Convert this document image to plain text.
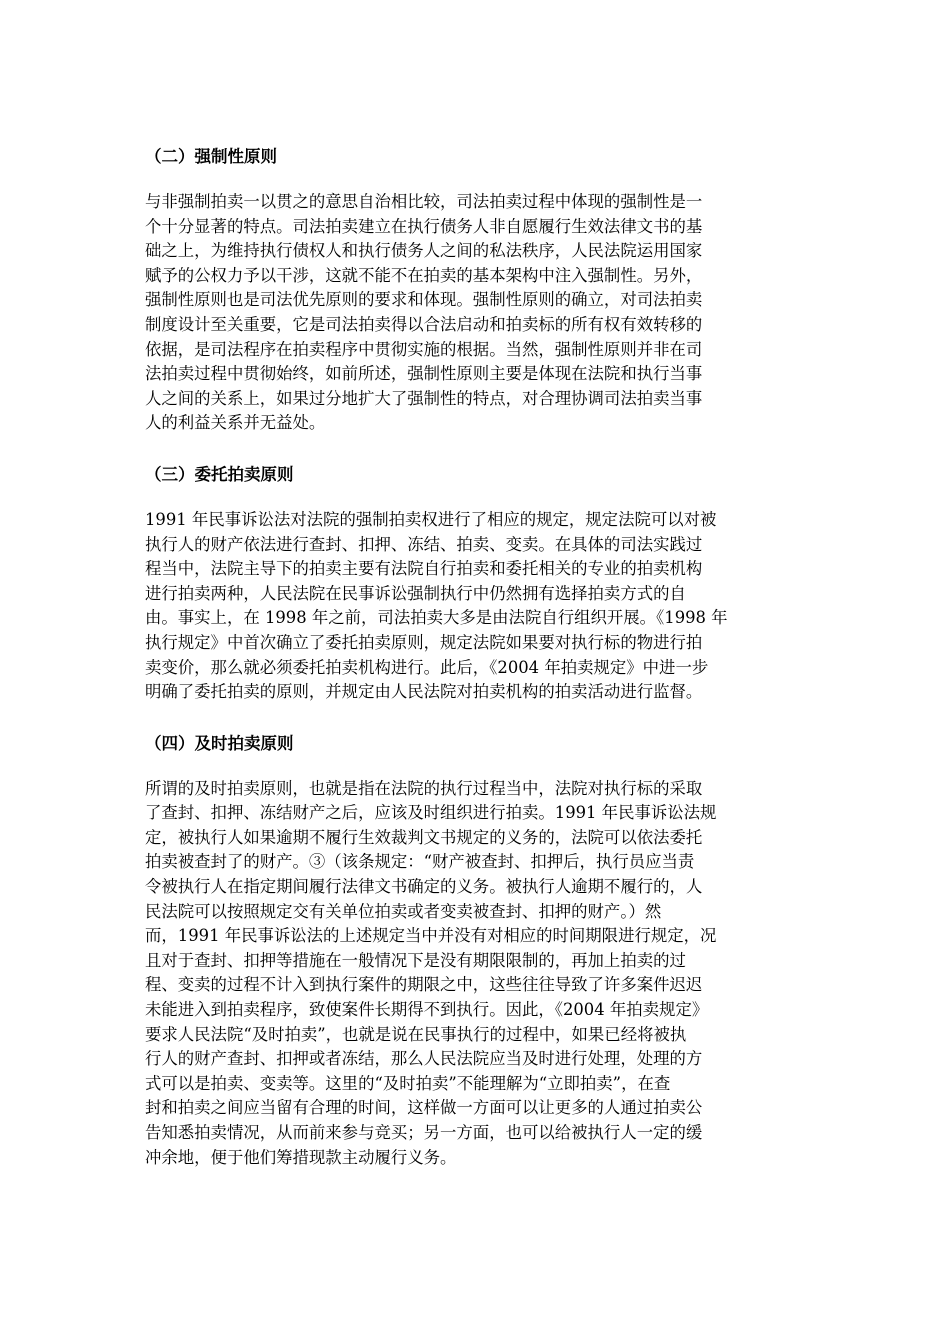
（二）强制性原则
与非强制拍卖一以贯之的意思自治相比较，司法拍卖过程中体现的强制性是一
个十分显著的特点。司法拍卖建立在执行债务人非自愿履行生效法律文书的基
础之上，为维持执行债权人和执行债务人之间的私法秩序，人民法院运用国家
赋予的公权力予以干涉，这就不能不在拍卖的基本架构中注入强制性。另外，
强制性原则也是司法优先原则的要求和体现。强制性原则的确立，对司法拍卖
制度设计至关重要，它是司法拍卖得以合法启动和拍卖标的所有权有效转移的
依据，是司法程序在拍卖程序中贯彻实施的根据。当然，强制性原则并非在司
法拍卖过程中贯彻始终，如前所述，强制性原则主要是体现在法院和执行当事
人之间的关系上，如果过分地扩大了强制性的特点，对合理协调司法拍卖当事
人的利益关系并无益处。
（三）委托拍卖原则
1991 年民事诉讼法对法院的强制拍卖权进行了相应的规定，规定法院可以对被
执行人的财产依法进行查封、扣押、冻结、拍卖、变卖。在具体的司法实践过
程当中，法院主导下的拍卖主要有法院自行拍卖和委托相关的专业的拍卖机构
进行拍卖两种，人民法院在民事诉讼强制执行中仍然拥有选择拍卖方式的自
由。事实上，在 1998 年之前，司法拍卖大多是由法院自行组织开展。《1998 年
执行规定》中首次确立了委托拍卖原则，规定法院如果要对执行标的物进行拍
卖变价，那么就必须委托拍卖机构进行。此后，《2004 年拍卖规定》中进一步
明确了委托拍卖的原则，并规定由人民法院对拍卖机构的拍卖活动进行监督。
（四）及时拍卖原则
所谓的及时拍卖原则，也就是指在法院的执行过程当中，法院对执行标的采取
了查封、扣押、冻结财产之后，应该及时组织进行拍卖。1991 年民事诉讼法规
定，被执行人如果逾期不履行生效裁判文书规定的义务的，法院可以依法委托
拍卖被查封了的财产。③（该条规定：“财产被查封、扣押后，执行员应当责
令被执行人在指定期间履行法律文书确定的义务。被执行人逾期不履行的，人
民法院可以按照规定交有关单位拍卖或者变卖被查封、扣押的财产。）然
而，1991 年民事诉讼法的上述规定当中并没有对相应的时间期限进行规定，况
且对于查封、扣押等措施在一般情况下是没有期限限制的，再加上拍卖的过
程、变卖的过程不计入到执行案件的期限之中，这些往往导致了许多案件迟迟
未能进入到拍卖程序，致使案件长期得不到执行。因此，《2004 年拍卖规定》
要求人民法院“及时拍卖”，也就是说在民事执行的过程中，如果已经将被执
行人的财产查封、扣押或者冻结，那么人民法院应当及时进行处理，处理的方
式可以是拍卖、变卖等。这里的“及时拍卖”不能理解为“立即拍卖”，在查
封和拍卖之间应当留有合理的时间，这样做一方面可以让更多的人通过拍卖公
告知悉拍卖情况，从而前来参与竞买；另一方面，也可以给被执行人一定的缓
冲余地，便于他们筹措现款主动履行义务。
